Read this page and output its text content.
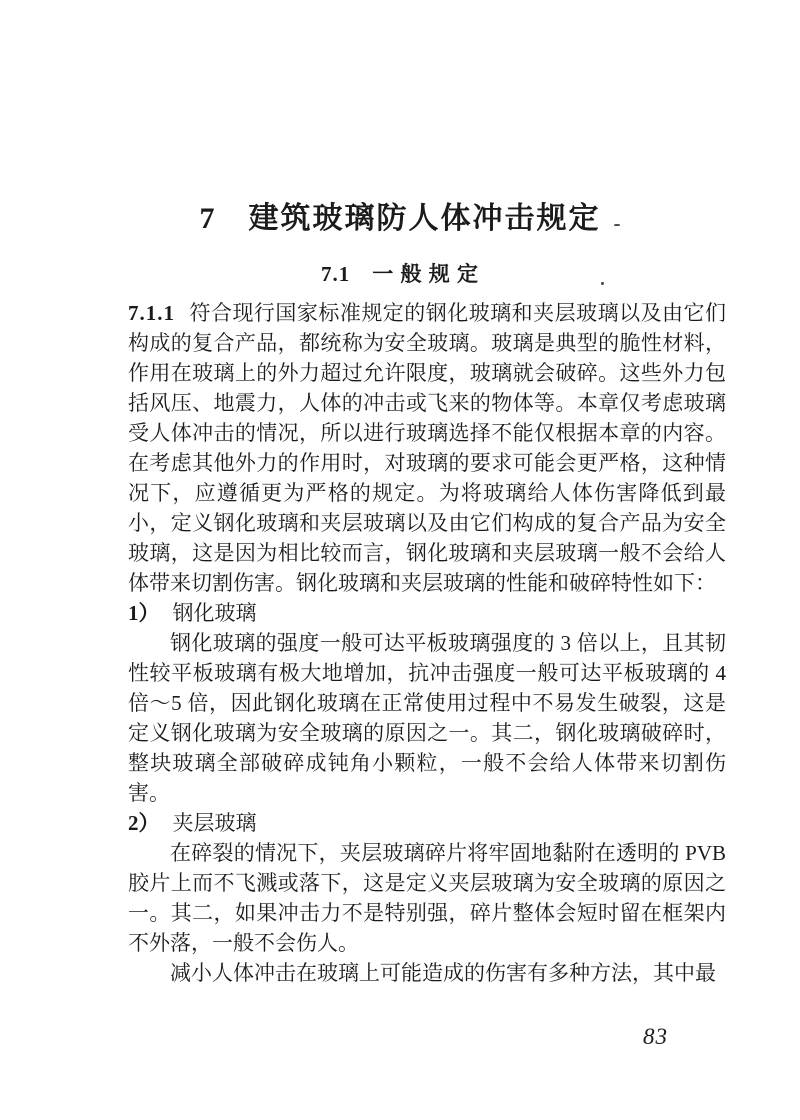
7　建筑玻璃防人体冲击规定
7.1　一 般 规 定

7.1.1 符合现行国家标准规定的钢化玻璃和夹层玻璃以及由它们构成的复合产品，都统称为安全玻璃。玻璃是典型的脆性材料，作用在玻璃上的外力超过允许限度，玻璃就会破碎。这些外力包括风压、地震力，人体的冲击或飞来的物体等。本章仅考虑玻璃受人体冲击的情况，所以进行玻璃选择不能仅根据本章的内容。在考虑其他外力的作用时，对玻璃的要求可能会更严格，这种情况下，应遵循更为严格的规定。为将玻璃给人体伤害降低到最小，定义钢化玻璃和夹层玻璃以及由它们构成的复合产品为安全玻璃，这是因为相比较而言，钢化玻璃和夹层玻璃一般不会给人体带来切割伤害。钢化玻璃和夹层玻璃的性能和破碎特性如下：

1） 钢化玻璃

钢化玻璃的强度一般可达平板玻璃强度的 3 倍以上，且其韧性较平板玻璃有极大地增加，抗冲击强度一般可达平板玻璃的 4 倍～5 倍，因此钢化玻璃在正常使用过程中不易发生破裂，这是定义钢化玻璃为安全玻璃的原因之一。其二，钢化玻璃破碎时，整块玻璃全部破碎成钝角小颗粒，一般不会给人体带来切割伤害。

2） 夹层玻璃

在碎裂的情况下，夹层玻璃碎片将牢固地黏附在透明的 PVB 胶片上而不飞溅或落下，这是定义夹层玻璃为安全玻璃的原因之一。其二，如果冲击力不是特别强，碎片整体会短时留在框架内不外落，一般不会伤人。

减小人体冲击在玻璃上可能造成的伤害有多种方法，其中最

83
